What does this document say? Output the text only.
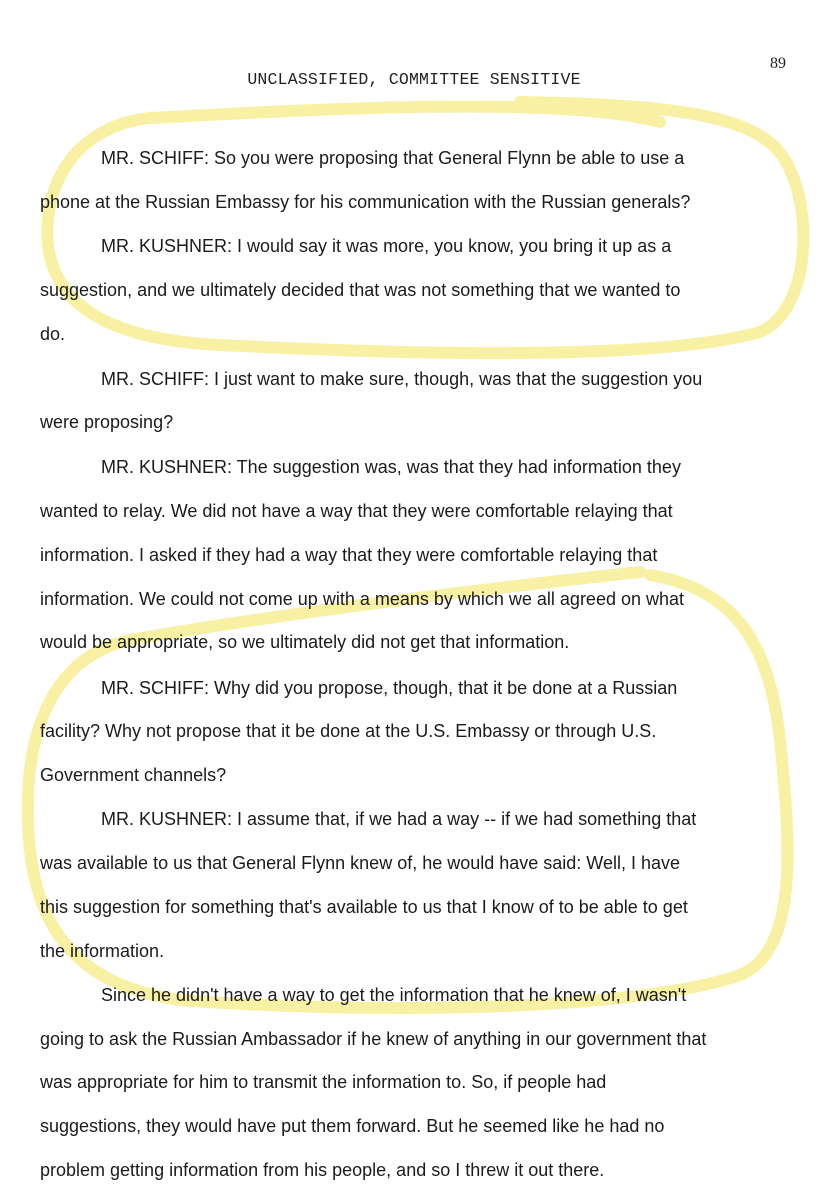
89
UNCLASSIFIED, COMMITTEE SENSITIVE
MR. SCHIFF: So you were proposing that General Flynn be able to use a
phone at the Russian Embassy for his communication with the Russian generals?
MR. KUSHNER: I would say it was more, you know, you bring it up as a
suggestion, and we ultimately decided that was not something that we wanted to
do.
MR. SCHIFF: I just want to make sure, though, was that the suggestion you
were proposing?
MR. KUSHNER: The suggestion was, was that they had information they
wanted to relay. We did not have a way that they were comfortable relaying that
information. I asked if they had a way that they were comfortable relaying that
information. We could not come up with a means by which we all agreed on what
would be appropriate, so we ultimately did not get that information.
MR. SCHIFF: Why did you propose, though, that it be done at a Russian
facility? Why not propose that it be done at the U.S. Embassy or through U.S.
Government channels?
MR. KUSHNER: I assume that, if we had a way -- if we had something that
was available to us that General Flynn knew of, he would have said: Well, I have
this suggestion for something that's available to us that I know of to be able to get
the information.
Since he didn't have a way to get the information that he knew of, I wasn't
going to ask the Russian Ambassador if he knew of anything in our government that
was appropriate for him to transmit the information to. So, if people had
suggestions, they would have put them forward. But he seemed like he had no
problem getting information from his people, and so I threw it out there.
